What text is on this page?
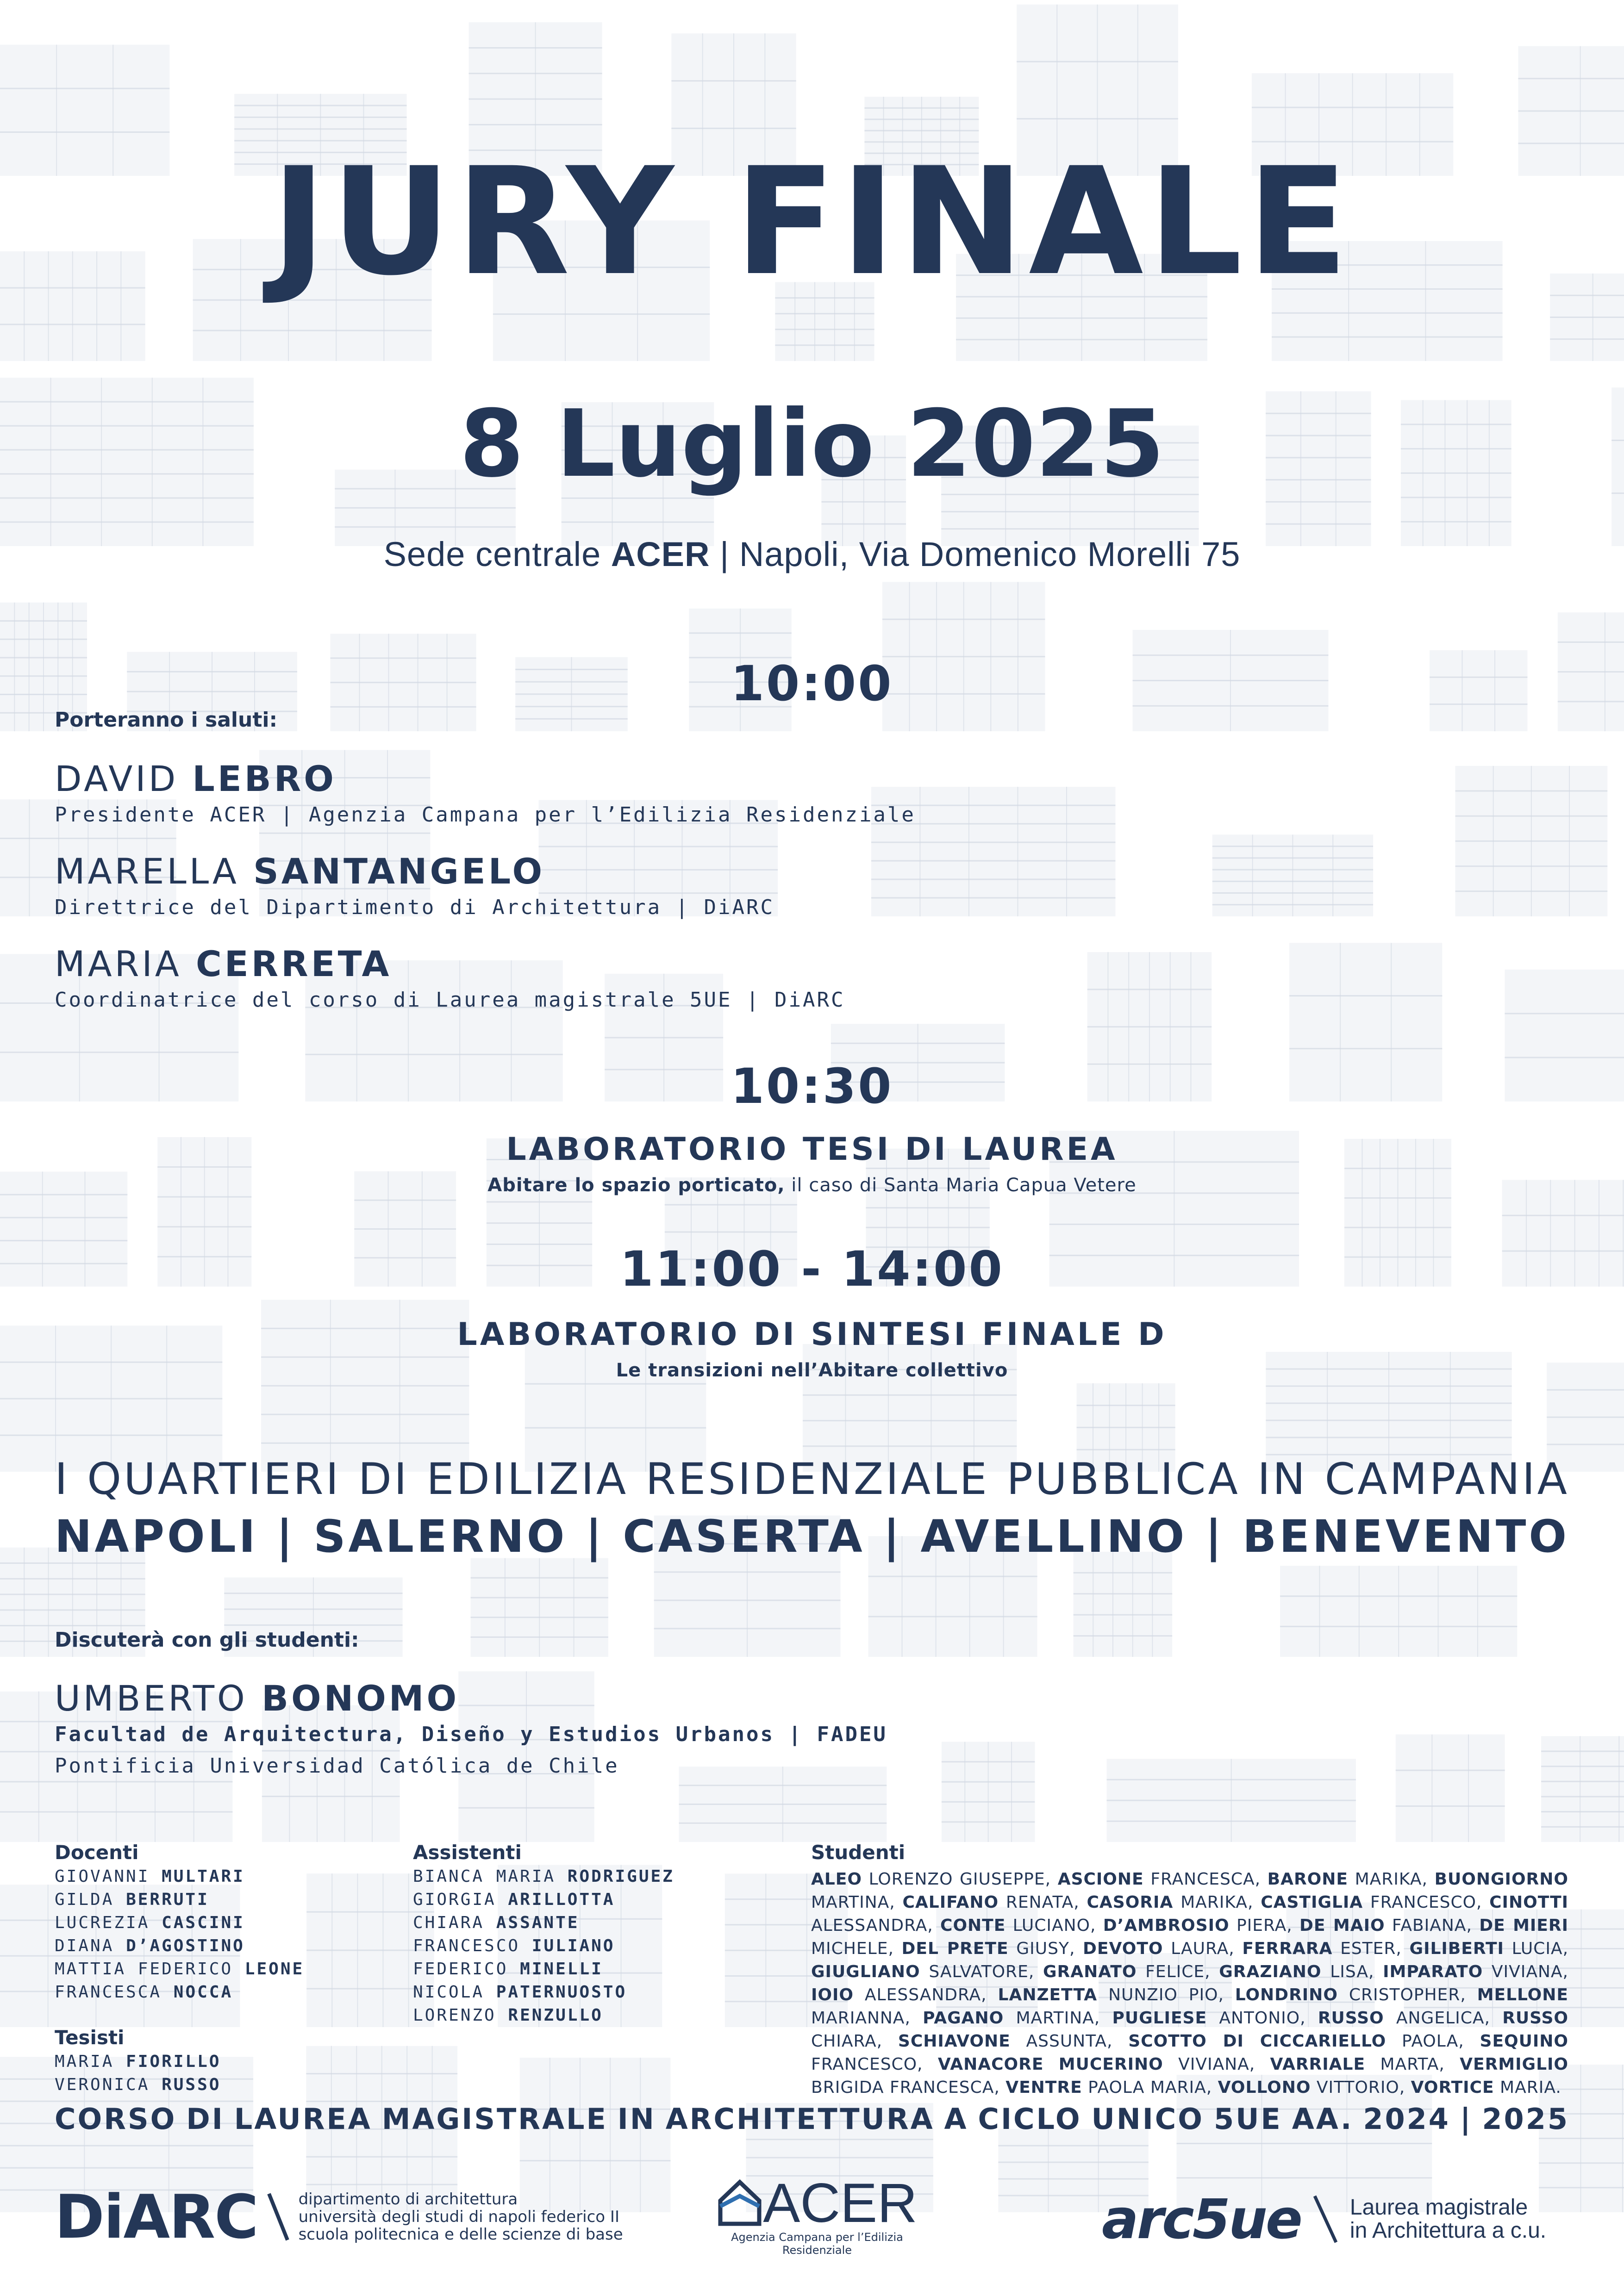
JURY FINALE
8 Luglio 2025
Sede centrale ACER | Napoli, Via Domenico Morelli 75
10:00
Porteranno i saluti:
DAVID LEBRO
Presidente ACER | Agenzia Campana per l’Edilizia Residenziale
MARELLA SANTANGELO
Direttrice del Dipartimento di Architettura | DiARC
MARIA CERRETA
Coordinatrice del corso di Laurea magistrale 5UE | DiARC
10:30
LABORATORIO TESI DI LAUREA
Abitare lo spazio porticato, il caso di Santa Maria Capua Vetere
11:00 - 14:00
LABORATORIO DI SINTESI FINALE D
Le transizioni nell’Abitare collettivo
I QUARTIERI DI EDILIZIA RESIDENZIALE PUBBLICA IN CAMPANIA
NAPOLI | SALERNO | CASERTA | AVELLINO | BENEVENTO
Discuterà con gli studenti:
UMBERTO BONOMO
Facultad de Arquitectura, Diseño y Estudios Urbanos | FADEU
Pontificia Universidad Católica de Chile
Docenti
GIOVANNI MULTARI
GILDA BERRUTI
LUCREZIA CASCINI
DIANA D’AGOSTINO
MATTIA FEDERICO LEONE
FRANCESCA NOCCA
Tesisti
MARIA FIORILLO
VERONICA RUSSO
Assistenti
BIANCA MARIA RODRIGUEZ
GIORGIA ARILLOTTA
CHIARA ASSANTE
FRANCESCO IULIANO
FEDERICO MINELLI
NICOLA PATERNUOSTO
LORENZO RENZULLO
Studenti
ALEO LORENZO GIUSEPPE, ASCIONE FRANCESCA, BARONE MARIKA, BUONGIORNO MARTINA, CALIFANO RENATA, CASORIA MARIKA, CASTIGLIA FRANCESCO, CINOTTI ALESSANDRA, CONTE LUCIANO, D’AMBROSIO PIERA, DE MAIO FABIANA, DE MIERI MICHELE, DEL PRETE GIUSY, DEVOTO LAURA, FERRARA ESTER, GILIBERTI LUCIA, GIUGLIANO SALVATORE, GRANATO FELICE, GRAZIANO LISA, IMPARATO VIVIANA, IOIO ALESSANDRA, LANZETTA NUNZIO PIO, LONDRINO CRISTOPHER, MELLONE MARIANNA, PAGANO MARTINA, PUGLIESE ANTONIO, RUSSO ANGELICA, RUSSO CHIARA, SCHIAVONE ASSUNTA, SCOTTO DI CICCARIELLO PAOLA, SEQUINO FRANCESCO, VANACORE MUCERINO VIVIANA, VARRIALE MARTA, VERMIGLIO BRIGIDA FRANCESCA, VENTRE PAOLA MARIA, VOLLONO VITTORIO, VORTICE MARIA.
CORSO DI LAUREA MAGISTRALE IN ARCHITETTURA A CICLO UNICO 5UE AA. 2024 | 2025
DiARC	dipartimento di architettura
università degli studi di napoli federico II
scuola politecnica e delle scienze di base
ACER
Agenzia Campana per l’Edilizia Residenziale	arc5ue Laurea magistrale
in Architettura a c.u.
